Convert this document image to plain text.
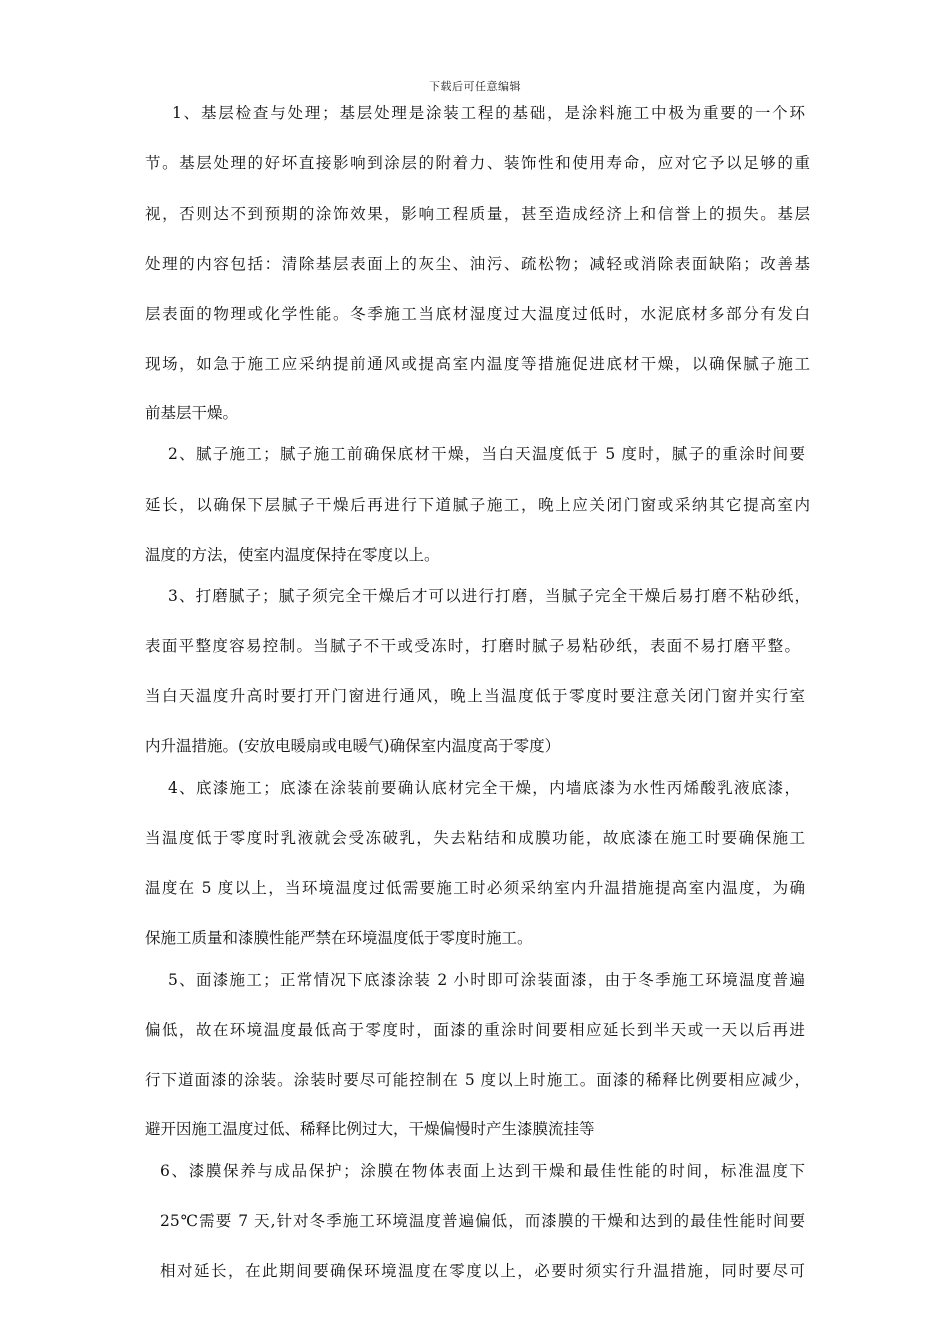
下载后可任意编辑
1、基层检查与处理；基层处理是涂装工程的基础，是涂料施工中极为重要的一个环
节。基层处理的好坏直接影响到涂层的附着力、装饰性和使用寿命，应对它予以足够的重
视，否则达不到预期的涂饰效果，影响工程质量，甚至造成经济上和信誉上的损失。基层
处理的内容包括：清除基层表面上的灰尘、油污、疏松物；减轻或消除表面缺陷；改善基
层表面的物理或化学性能。冬季施工当底材湿度过大温度过低时，水泥底材多部分有发白
现场，如急于施工应采纳提前通风或提高室内温度等措施促进底材干燥，以确保腻子施工
前基层干燥。
2、腻子施工；腻子施工前确保底材干燥，当白天温度低于 5 度时，腻子的重涂时间要
延长，以确保下层腻子干燥后再进行下道腻子施工，晚上应关闭门窗或采纳其它提高室内
温度的方法，使室内温度保持在零度以上。
3、打磨腻子；腻子须完全干燥后才可以进行打磨，当腻子完全干燥后易打磨不粘砂纸，
表面平整度容易控制。当腻子不干或受冻时，打磨时腻子易粘砂纸，表面不易打磨平整。
当白天温度升高时要打开门窗进行通风，晚上当温度低于零度时要注意关闭门窗并实行室
内升温措施。(安放电暖扇或电暖气)确保室内温度高于零度）
4、底漆施工；底漆在涂装前要确认底材完全干燥，内墙底漆为水性丙烯酸乳液底漆，
当温度低于零度时乳液就会受冻破乳，失去粘结和成膜功能，故底漆在施工时要确保施工
温度在 5 度以上，当环境温度过低需要施工时必须采纳室内升温措施提高室内温度，为确
保施工质量和漆膜性能严禁在环境温度低于零度时施工。
5、面漆施工；正常情况下底漆涂装 2 小时即可涂装面漆，由于冬季施工环境温度普遍
偏低，故在环境温度最低高于零度时，面漆的重涂时间要相应延长到半天或一天以后再进
行下道面漆的涂装。涂装时要尽可能控制在 5 度以上时施工。面漆的稀释比例要相应减少，
避开因施工温度过低、稀释比例过大，干燥偏慢时产生漆膜流挂等
6、漆膜保养与成品保护；涂膜在物体表面上达到干燥和最佳性能的时间，标准温度下
25℃需要 7 天,针对冬季施工环境温度普遍偏低，而漆膜的干燥和达到的最佳性能时间要
相对延长，在此期间要确保环境温度在零度以上，必要时须实行升温措施，同时要尽可
